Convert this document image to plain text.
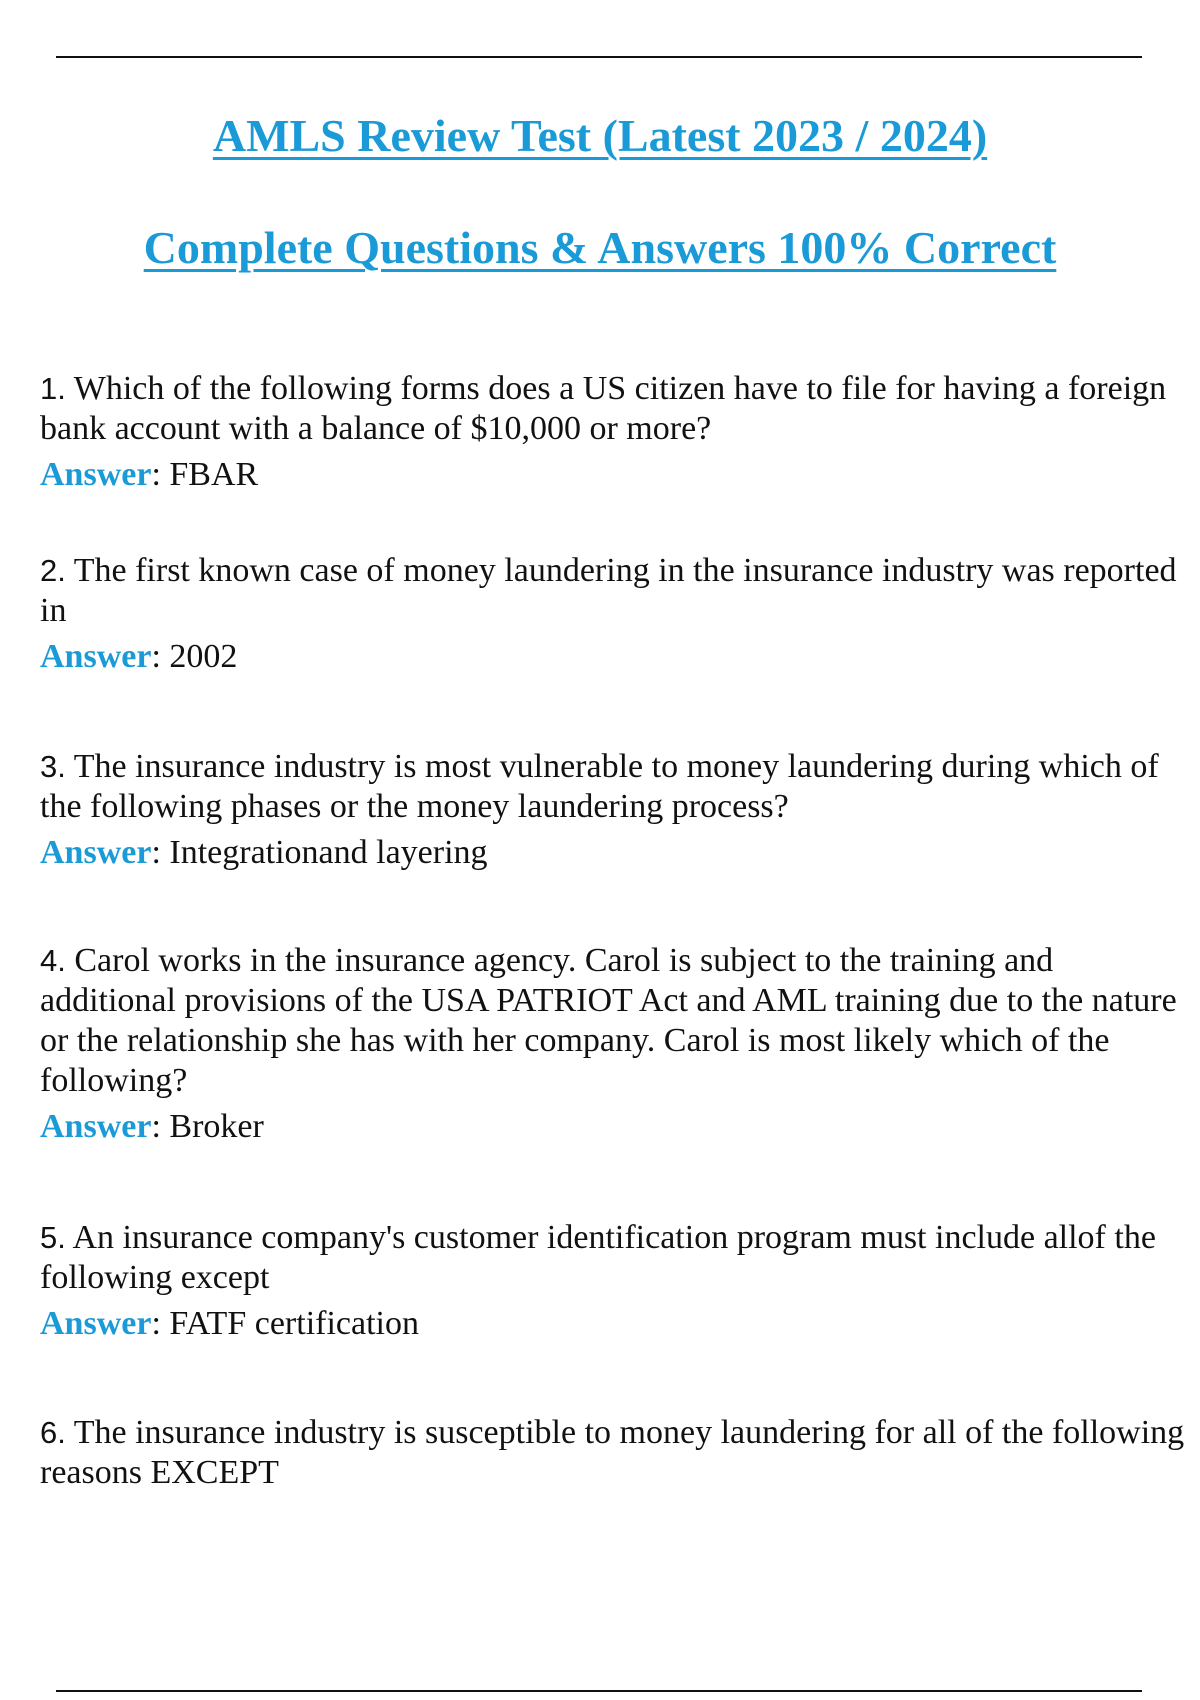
AMLS Review Test (Latest 2023 / 2024)
Complete Questions & Answers 100% Correct

1. Which of the following forms does a US citizen have to file for having a foreign bank account with a balance of $10,000 or more?

Answer: FBAR

2. The first known case of money laundering in the insurance industry was reported in

Answer: 2002

3. The insurance industry is most vulnerable to money laundering during which of the following phases or the money laundering process?

Answer: Integrationand layering

4. Carol works in the insurance agency. Carol is subject to the training and additional provisions of the USA PATRIOT Act and AML training due to the nature or the relationship she has with her company. Carol is most likely which of the following?

Answer: Broker

5. An insurance company's customer identification program must include allof the following except

Answer: FATF certification

6. The insurance industry is susceptible to money laundering for all of the following reasons EXCEPT
